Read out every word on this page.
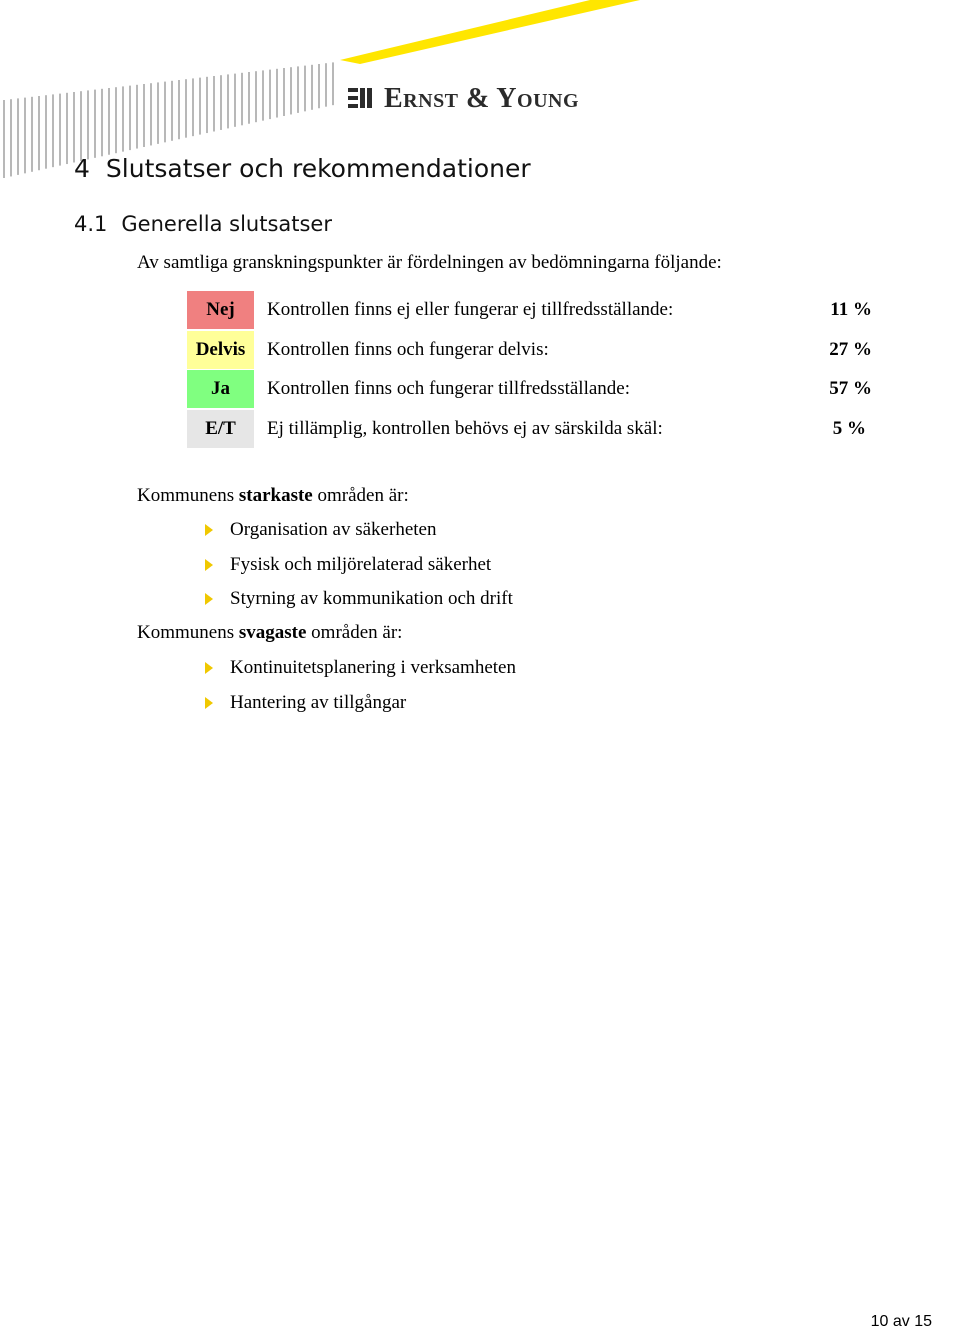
Ernst & Young
4 Slutsatser och rekommendationer
4.1 Generella slutsatser
Av samtliga granskningspunkter är fördelningen av bedömningarna följande:
Nej	Kontrollen finns ej eller fungerar ej tillfredsställande:	11 %
Delvis	Kontrollen finns och fungerar delvis:	27 %
Ja	Kontrollen finns och fungerar tillfredsställande:	57 %
E/T	Ej tillämplig, kontrollen behövs ej av särskilda skäl:	5 %
Kommunens starkaste områden är:
Organisation av säkerheten
Fysisk och miljörelaterad säkerhet
Styrning av kommunikation och drift
Kommunens svagaste områden är:
Kontinuitetsplanering i verksamheten
Hantering av tillgångar
10 av 15
